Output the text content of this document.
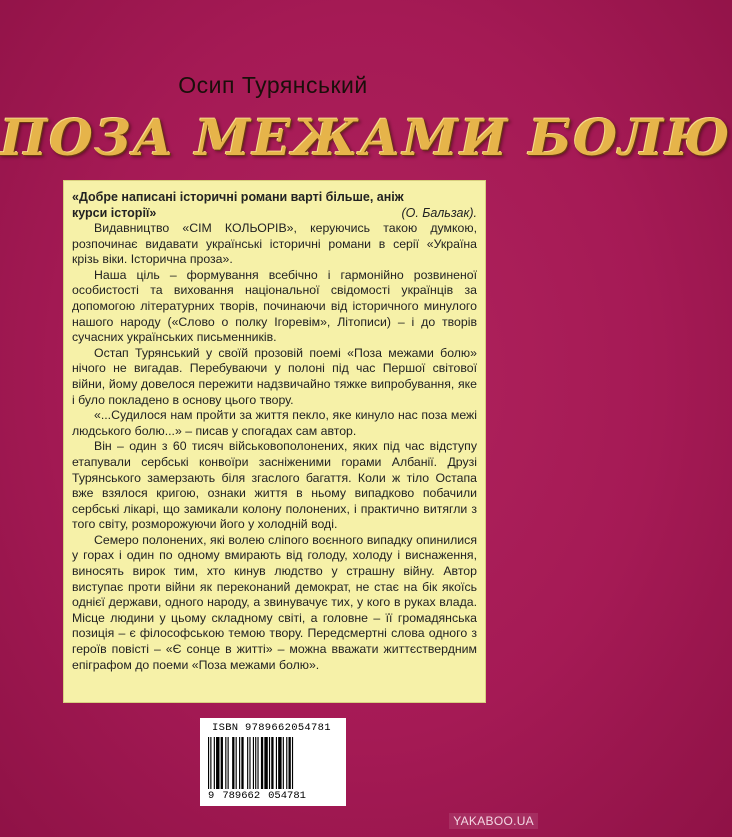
Осип Турянський
ПОЗА МЕЖАМИ БОЛЮ
«Добре написані історичні романи варті більше, аніж
курси історії»	(О. Бальзак).

Видавництво «СІМ КОЛЬОРІВ», керуючись такою думкою, розпочинає видавати українські історичні романи в серії «Україна крізь віки. Історична проза».

Наша ціль – формування всебічно і гармонійно розвиненої особистості та виховання національної свідомості українців за допомогою літературних творів, починаючи від історичного минулого нашого народу («Слово о полку Ігоревім», Літописи) – і до творів сучасних українських письменників.

Остап Турянський у своїй прозовій поемі «Поза межами болю» нічого не вигадав. Перебуваючи у полоні під час Першої світової війни, йому довелося пережити надзвичайно тяжке випробування, яке і було покладено в основу цього твору.

«...Судилося нам пройти за життя пекло, яке кинуло нас поза межі людського болю...» – писав у спогадах сам автор.

Він – один з 60 тисяч військовополонених, яких під час відступу етапували сербські конвоїри засніженими горами Албанії. Друзі Турянського замерзають біля згаслого багаття. Коли ж тіло Остапа вже взялося кригою, ознаки життя в ньому випадково побачили сербські лікарі, що замикали колону полонених, і практично витягли з того світу, розморожуючи його у холодній воді.

Семеро полонених, які волею сліпого воєнного випадку опинилися у горах і один по одному вмирають від голоду, холоду і виснаження, виносять вирок тим, хто кинув людство у страшну війну. Автор виступає проти війни як переконаний демократ, не стає на бік якоїсь однієї держави, одного народу, а звинувачує тих, у кого в руках влада. Місце людини у цьому складному світі, а головне – її громадянська позиція – є філософською темою твору. Передсмертні слова одного з героїв повісті – «Є сонце в житті» – можна вважати життєствердним епіграфом до поеми «Поза межами болю».

ISBN 9789662054781
9 789662 054781
YAKABOO.UA
